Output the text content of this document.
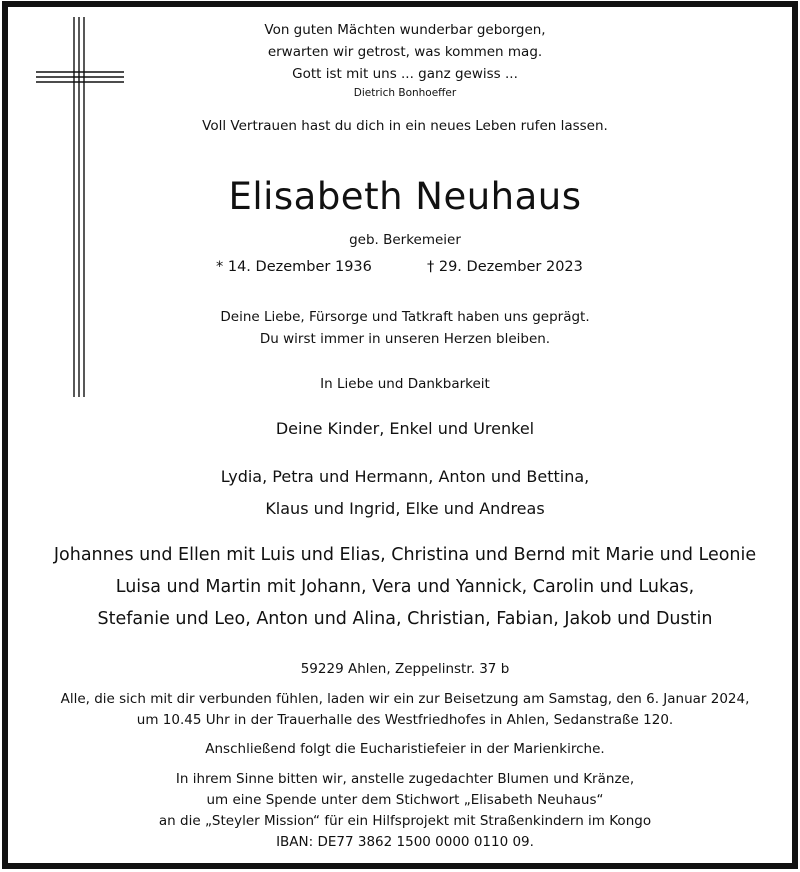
Von guten Mächten wunderbar geborgen,
erwarten wir getrost, was kommen mag.
Gott ist mit uns ... ganz gewiss ...
Dietrich Bonhoeffer
Voll Vertrauen hast du dich in ein neues Leben rufen lassen.
Elisabeth Neuhaus
geb. Berkemeier
* 14. Dezember 1936	† 29. Dezember 2023
Deine Liebe, Fürsorge und Tatkraft haben uns geprägt.
Du wirst immer in unseren Herzen bleiben.
In Liebe und Dankbarkeit
Deine Kinder, Enkel und Urenkel
Lydia, Petra und Hermann, Anton und Bettina,
Klaus und Ingrid, Elke und Andreas
Johannes und Ellen mit Luis und Elias, Christina und Bernd mit Marie und Leonie
Luisa und Martin mit Johann, Vera und Yannick, Carolin und Lukas,
Stefanie und Leo, Anton und Alina, Christian, Fabian, Jakob und Dustin
59229 Ahlen, Zeppelinstr. 37 b
Alle, die sich mit dir verbunden fühlen, laden wir ein zur Beisetzung am Samstag, den 6. Januar 2024,
um 10.45 Uhr in der Trauerhalle des Westfriedhofes in Ahlen, Sedanstraße 120.
Anschließend folgt die Eucharistiefeier in der Marienkirche.
In ihrem Sinne bitten wir, anstelle zugedachter Blumen und Kränze,
um eine Spende unter dem Stichwort „Elisabeth Neuhaus“
an die „Steyler Mission“ für ein Hilfsprojekt mit Straßenkindern im Kongo
IBAN: DE77 3862 1500 0000 0110 09.
